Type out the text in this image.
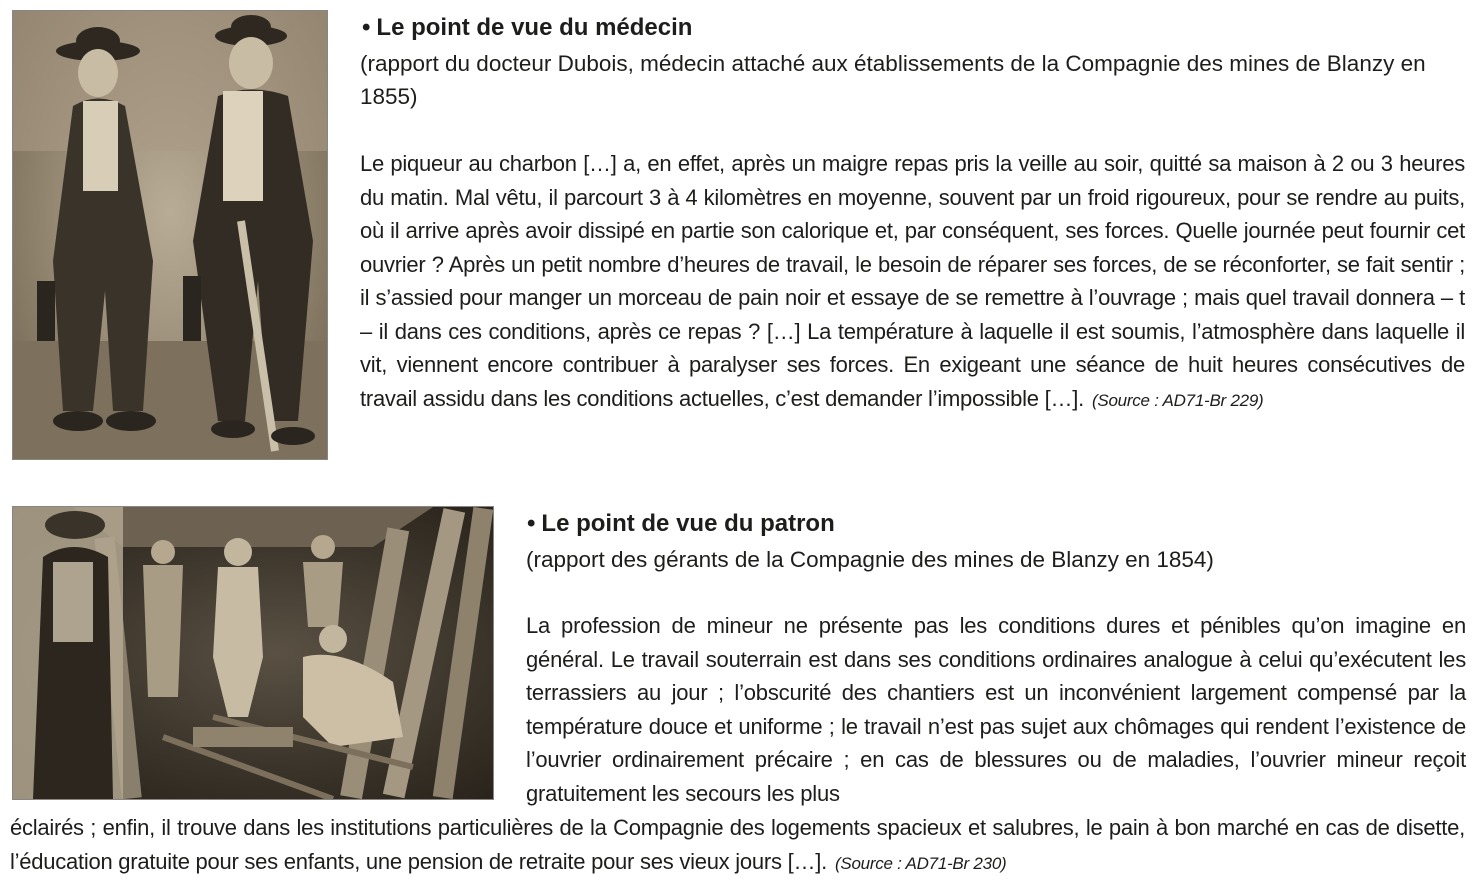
• Le point de vue du médecin

(rapport du docteur Dubois, médecin attaché aux établissements de la Compagnie des mines de Blanzy en 1855)

Le piqueur au charbon […] a, en effet, après un maigre repas pris la veille au soir, quitté sa maison à 2 ou 3 heures du matin. Mal vêtu, il parcourt 3 à 4 kilomètres en moyenne, souvent par un froid rigoureux, pour se rendre au puits, où il arrive après avoir dissipé en partie son calorique et, par conséquent, ses forces. Quelle journée peut fournir cet ouvrier ? Après un petit nombre d’heures de travail, le besoin de réparer ses forces, de se réconforter, se fait sentir ; il s’assied pour manger un morceau de pain noir et essaye de se remettre à l’ouvrage ; mais quel travail donnera – t – il dans ces conditions, après ce repas ? […] La température à laquelle il est soumis, l’atmosphère dans laquelle il vit, viennent encore contribuer à paralyser ses forces. En exigeant une séance de huit heures consécutives de travail assidu dans les conditions actuelles, c’est demander l’impossible […]. (Source : AD71-Br 229)

• Le point de vue du patron

(rapport des gérants de la Compagnie des mines de Blanzy en 1854)

La profession de mineur ne présente pas les conditions dures et pénibles qu’on imagine en général. Le travail souterrain est dans ses conditions ordinaires analogue à celui qu’exécutent les terrassiers au jour ; l’obscurité des chantiers est un inconvénient largement compensé par la température douce et uniforme ; le travail n’est pas sujet aux chômages qui rendent l’existence de l’ouvrier ordinairement précaire ; en cas de blessures ou de maladies, l’ouvrier mineur reçoit gratuitement les secours les plus

éclairés ; enfin, il trouve dans les institutions particulières de la Compagnie des logements spacieux et salubres, le pain à bon marché en cas de disette, l’éducation gratuite pour ses enfants, une pension de retraite pour ses vieux jours […]. (Source : AD71-Br 230)
